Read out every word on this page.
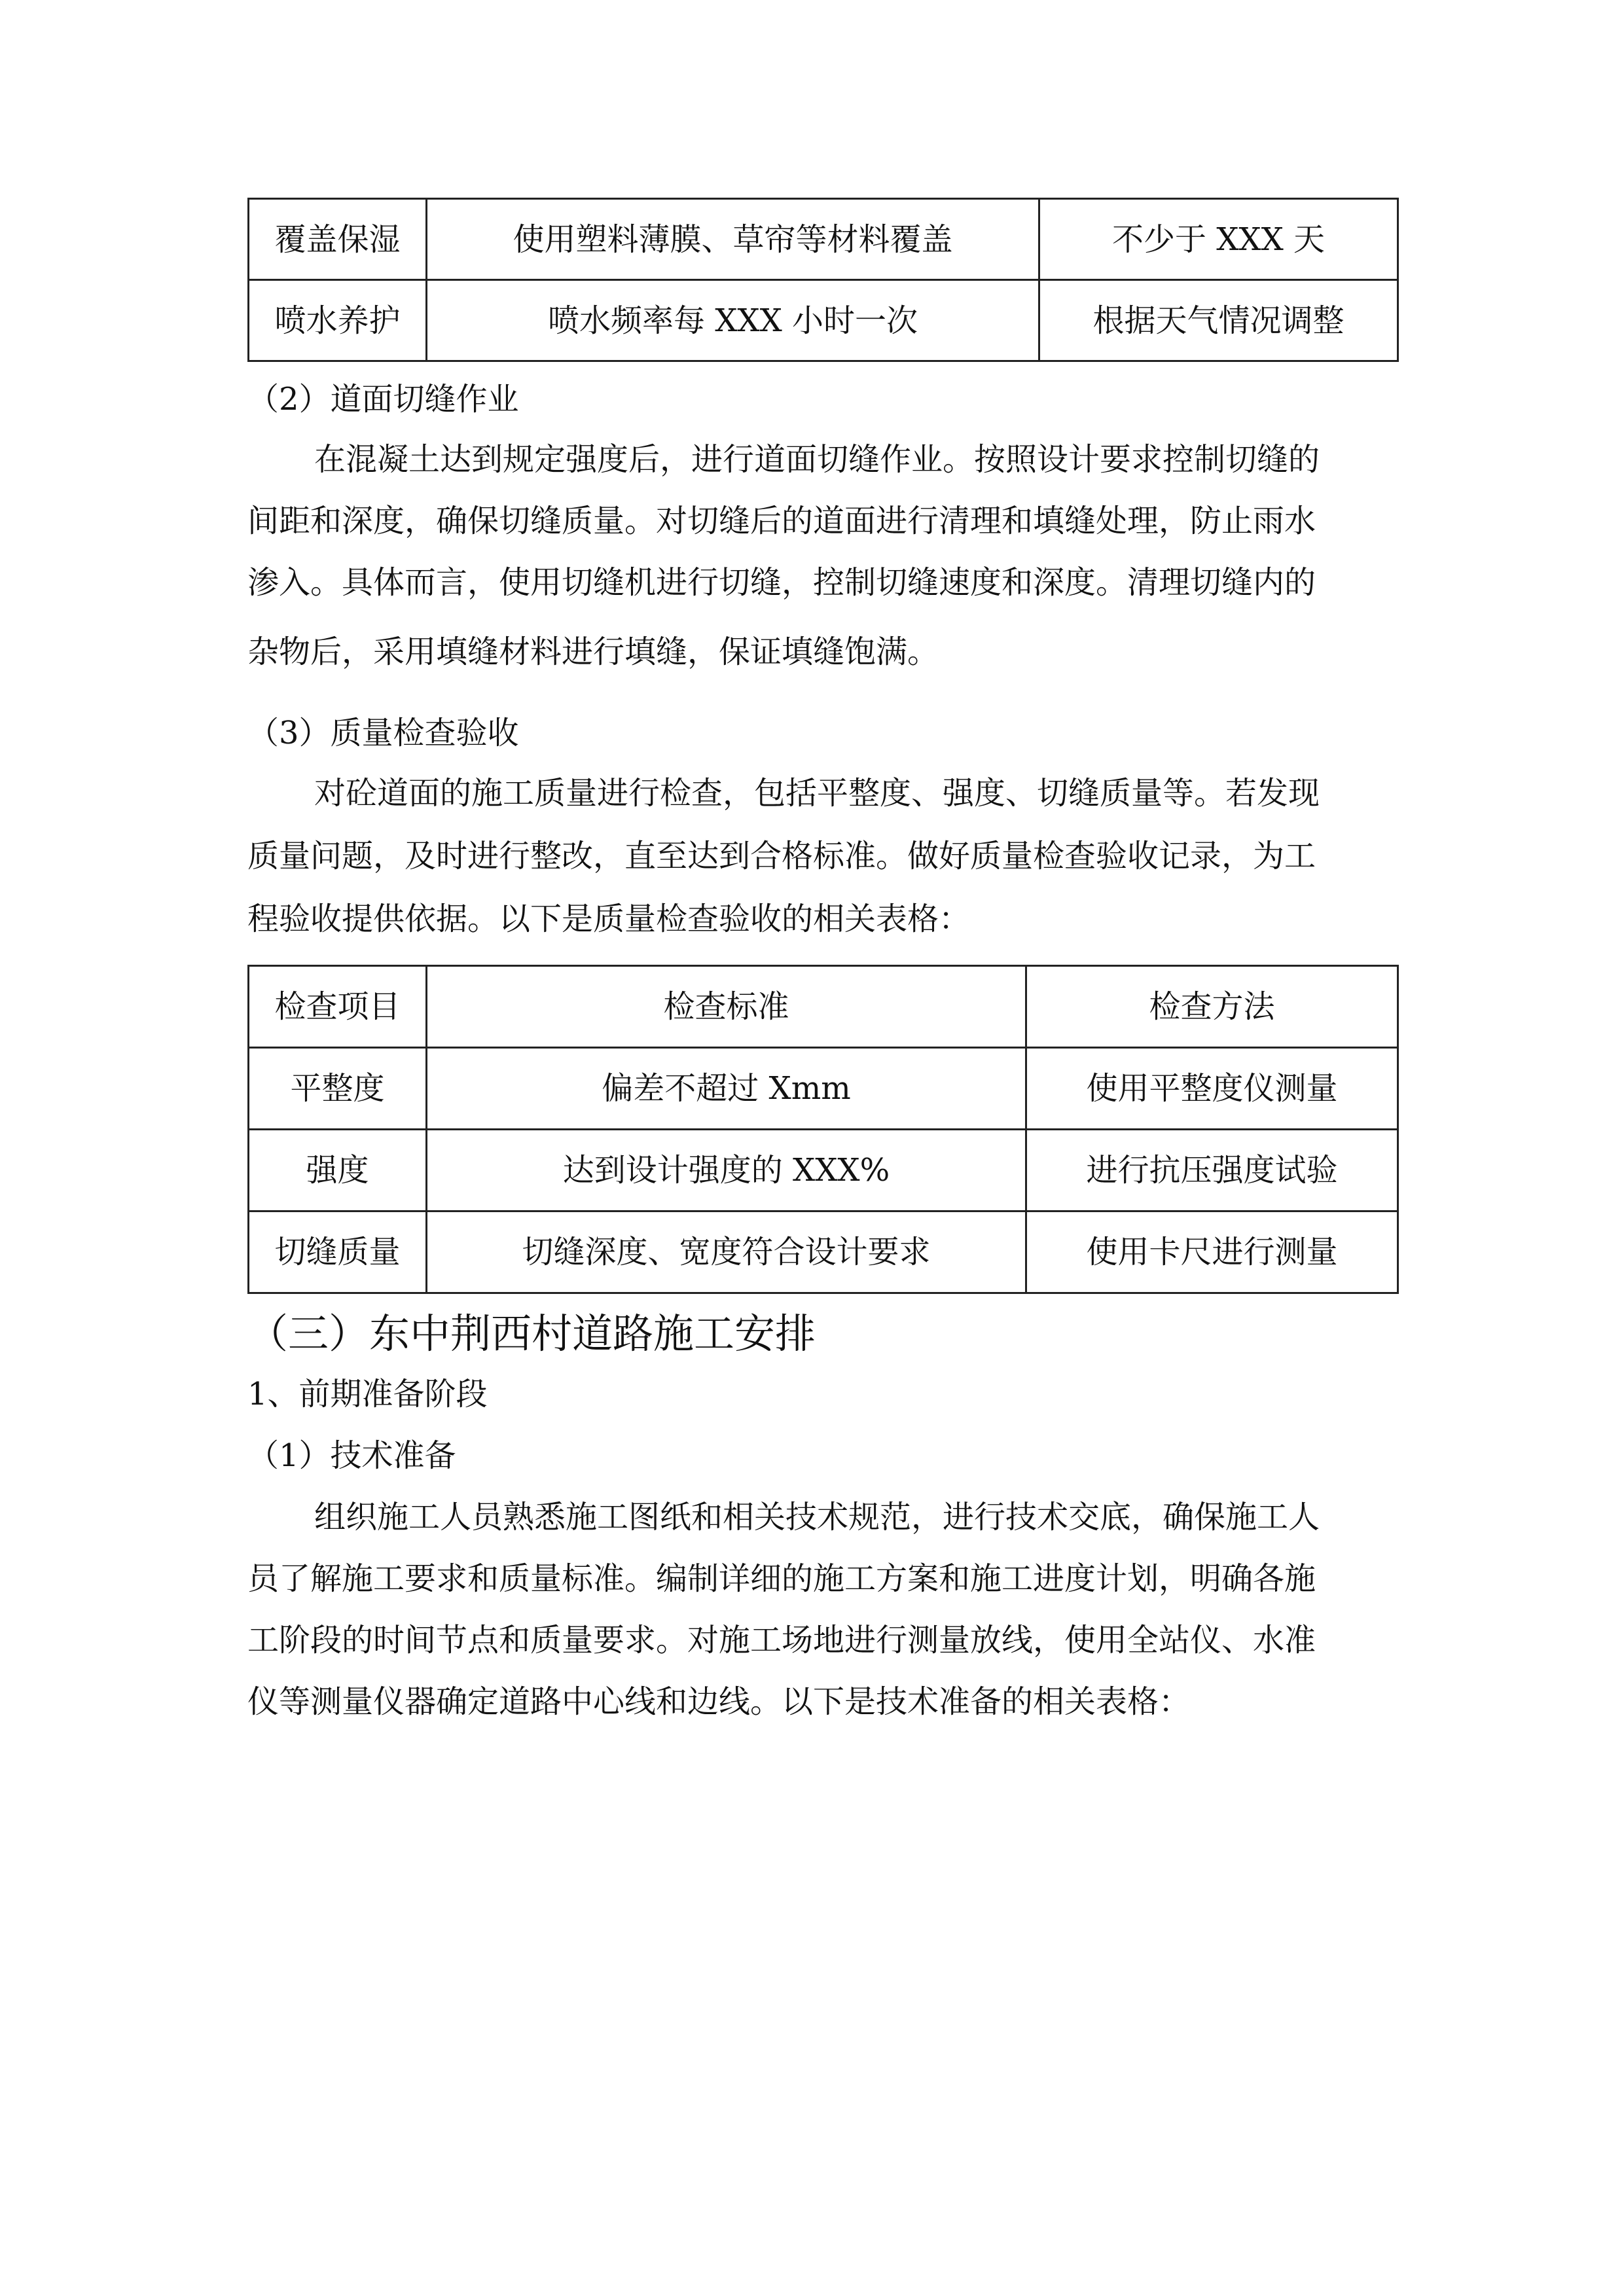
覆盖保湿	使用塑料薄膜、草帘等材料覆盖	不少于 XXX 天
喷水养护	喷水频率每 XXX 小时一次	根据天气情况调整
（2）道面切缝作业
在混凝土达到规定强度后，进行道面切缝作业。按照设计要求控制切缝的
间距和深度，确保切缝质量。对切缝后的道面进行清理和填缝处理，防止雨水
渗入。具体而言，使用切缝机进行切缝，控制切缝速度和深度。清理切缝内的
杂物后，采用填缝材料进行填缝，保证填缝饱满。
（3）质量检查验收
对砼道面的施工质量进行检查，包括平整度、强度、切缝质量等。若发现
质量问题，及时进行整改，直至达到合格标准。做好质量检查验收记录，为工
程验收提供依据。以下是质量检查验收的相关表格：
检查项目	检查标准	检查方法
平整度	偏差不超过 Xmm	使用平整度仪测量
强度	达到设计强度的 XXX%	进行抗压强度试验
切缝质量	切缝深度、宽度符合设计要求	使用卡尺进行测量
（三）东中荆西村道路施工安排
1、前期准备阶段
（1）技术准备
组织施工人员熟悉施工图纸和相关技术规范，进行技术交底，确保施工人
员了解施工要求和质量标准。编制详细的施工方案和施工进度计划，明确各施
工阶段的时间节点和质量要求。对施工场地进行测量放线，使用全站仪、水准
仪等测量仪器确定道路中心线和边线。以下是技术准备的相关表格：
